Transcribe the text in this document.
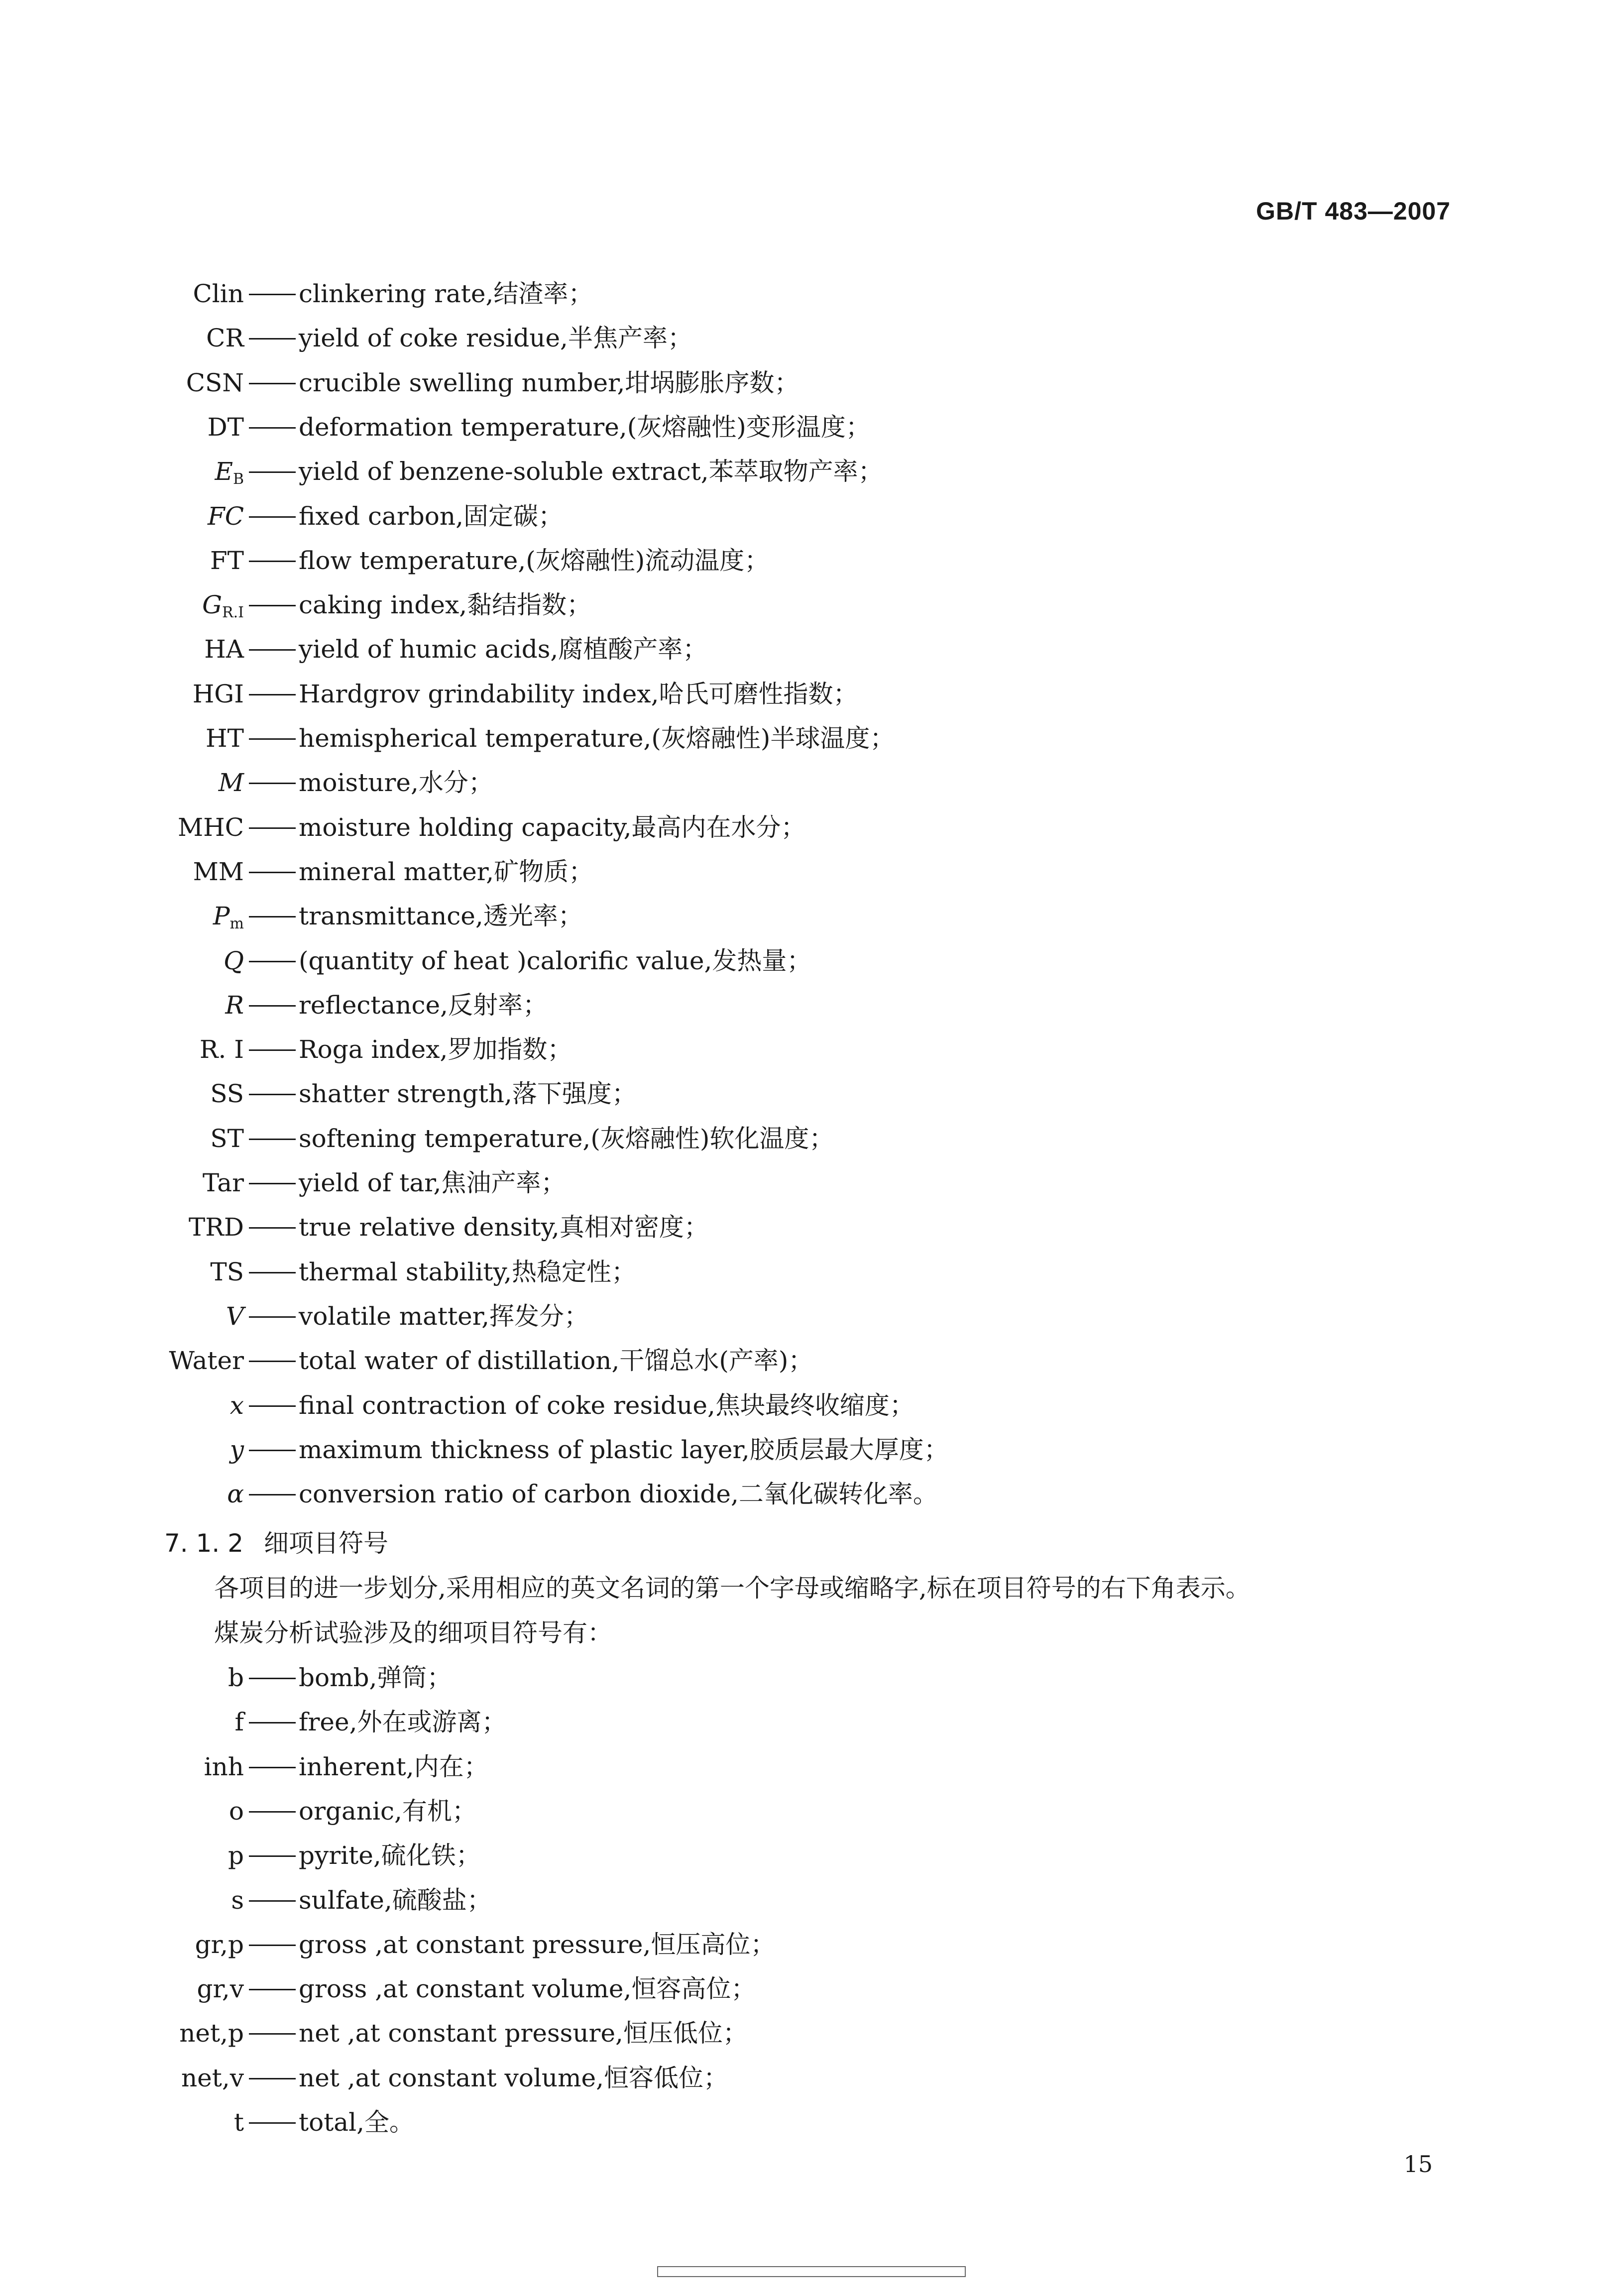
GB/T 483—2007
Clin clinkering rate,结渣率；
CR yield of coke residue,半焦产率；
CSN crucible swelling number,坩埚膨胀序数；
DT deformation temperature,(灰熔融性)变形温度；
$E_B$ yield of benzene-soluble extract,苯萃取物产率；
FC fixed carbon,固定碳；
FT flow temperature,(灰熔融性)流动温度；
$G_{R.I}$ caking index,黏结指数；
HA yield of humic acids,腐植酸产率；
HGI Hardgrov grindability index,哈氏可磨性指数；
HT hemispherical temperature,(灰熔融性)半球温度；
M moisture,水分；
MHC moisture holding capacity,最高内在水分；
MM mineral matter,矿物质；
$P_m$ transmittance,透光率；
Q (quantity of heat )calorific value,发热量；
R reflectance,反射率；
R. I Roga index,罗加指数；
SS shatter strength,落下强度；
ST softening temperature,(灰熔融性)软化温度；
Tar yield of tar,焦油产率；
TRD true relative density,真相对密度；
TS thermal stability,热稳定性；
V volatile matter,挥发分；
Water total water of distillation,干馏总水(产率)；
x final contraction of coke residue,焦块最终收缩度；
y maximum thickness of plastic layer,胶质层最大厚度；
α conversion ratio of carbon dioxide,二氧化碳转化率。
7. 1. 2 细项目符号
各项目的进一步划分,采用相应的英文名词的第一个字母或缩略字,标在项目符号的右下角表示。
煤炭分析试验涉及的细项目符号有：
b bomb,弹筒；
f free,外在或游离；
inh inherent,内在；
o organic,有机；
p pyrite,硫化铁；
s sulfate,硫酸盐；
gr,p gross ,at constant pressure,恒压高位；
gr,v gross ,at constant volume,恒容高位；
net,p net ,at constant pressure,恒压低位；
net,v net ,at constant volume,恒容低位；
t total,全。
15
